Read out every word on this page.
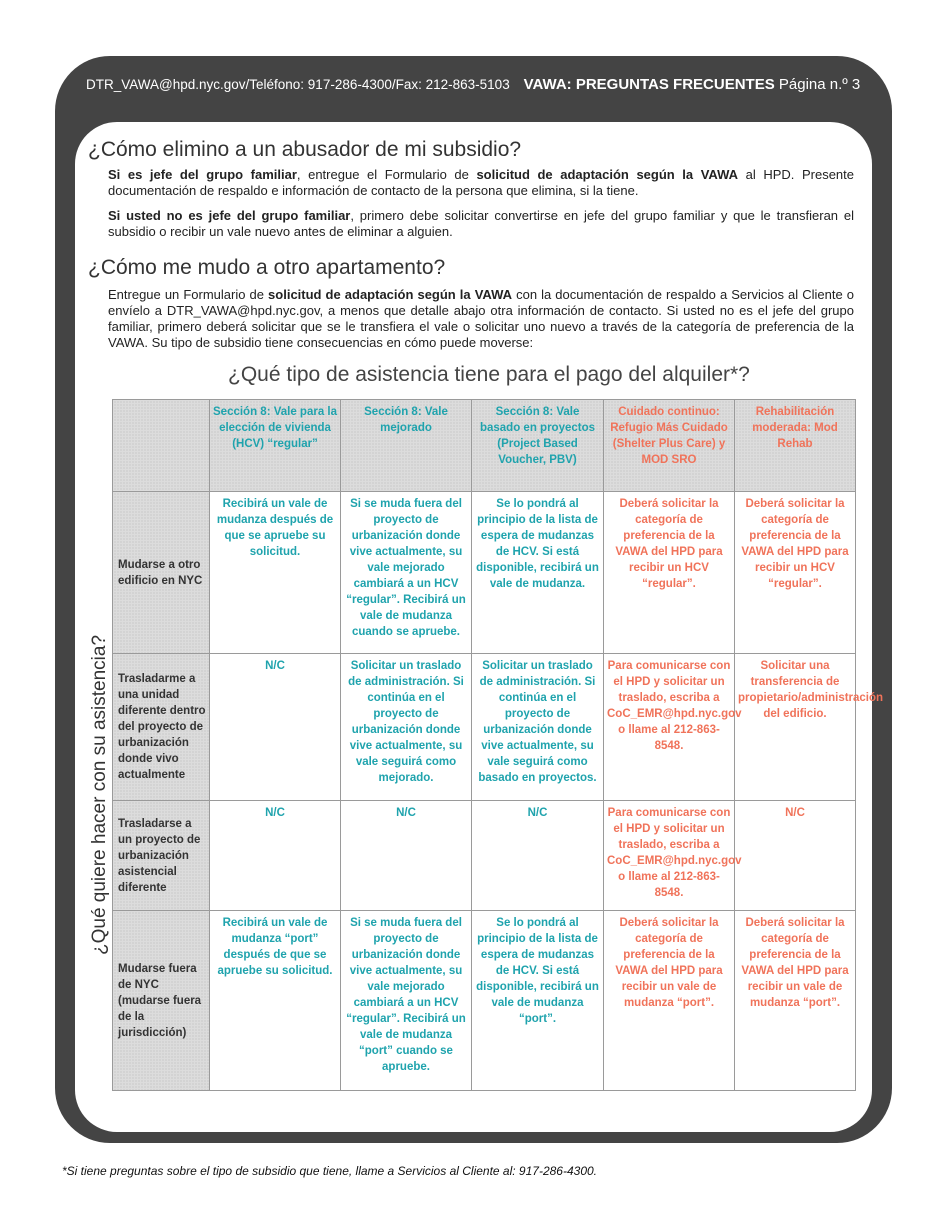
DTR_VAWA@hpd.nyc.gov/Teléfono: 917-286-4300/Fax: 212-863-5103 VAWA: PREGUNTAS FRECUENTES Página n.º 3
¿Cómo elimino a un abusador de mi subsidio?
Si es jefe del grupo familiar, entregue el Formulario de solicitud de adaptación según la VAWA al HPD. Presente documentación de respaldo e información de contacto de la persona que elimina, si la tiene.
Si usted no es jefe del grupo familiar, primero debe solicitar convertirse en jefe del grupo familiar y que le transfieran el subsidio o recibir un vale nuevo antes de eliminar a alguien.
¿Cómo me mudo a otro apartamento?
Entregue un Formulario de solicitud de adaptación según la VAWA con la documentación de respaldo a Servicios al Cliente o envíelo a DTR_VAWA@hpd.nyc.gov, a menos que detalle abajo otra información de contacto. Si usted no es el jefe del grupo familiar, primero deberá solicitar que se le transfiera el vale o solicitar uno nuevo a través de la categoría de preferencia de la VAWA. Su tipo de subsidio tiene consecuencias en cómo puede moverse:
¿Qué tipo de asistencia tiene para el pago del alquiler*?
¿Qué quiere hacer con su asistencia?
	Sección 8: Vale para la elección de vivienda (HCV) “regular”	Sección 8: Vale mejorado	Sección 8: Vale basado en proyectos (Project Based Voucher, PBV)	Cuidado continuo: Refugio Más Cuidado (Shelter Plus Care) y MOD SRO	Rehabilitación moderada: Mod Rehab
Mudarse a otro edificio en NYC	Recibirá un vale de mudanza después de que se apruebe su solicitud.	Si se muda fuera del proyecto de urbanización donde vive actualmente, su vale mejorado cambiará a un HCV “regular”. Recibirá un vale de mudanza cuando se apruebe.	Se lo pondrá al principio de la lista de espera de mudanzas de HCV. Si está disponible, recibirá un vale de mudanza.	Deberá solicitar la categoría de preferencia de la VAWA del HPD para recibir un HCV “regular”.	Deberá solicitar la categoría de preferencia de la VAWA del HPD para recibir un HCV “regular”.
Trasladarme a una unidad diferente dentro del proyecto de urbanización donde vivo actualmente	N/C	Solicitar un traslado de administración. Si continúa en el proyecto de urbanización donde vive actualmente, su vale seguirá como mejorado.	Solicitar un traslado de administración. Si continúa en el proyecto de urbanización donde vive actualmente, su vale seguirá como basado en proyectos.	Para comunicarse con el HPD y solicitar un traslado, escriba a CoC_EMR@hpd.nyc.gov o llame al 212-863-8548.	Solicitar una transferencia de propietario/administración del edificio.
Trasladarse a un proyecto de urbanización asistencial diferente	N/C	N/C	N/C	Para comunicarse con el HPD y solicitar un traslado, escriba a CoC_EMR@hpd.nyc.gov o llame al 212-863-8548.	N/C
Mudarse fuera de NYC (mudarse fuera de la jurisdicción)	Recibirá un vale de mudanza “port” después de que se apruebe su solicitud.	Si se muda fuera del proyecto de urbanización donde vive actualmente, su vale mejorado cambiará a un HCV “regular”. Recibirá un vale de mudanza “port” cuando se apruebe.	Se lo pondrá al principio de la lista de espera de mudanzas de HCV. Si está disponible, recibirá un vale de mudanza “port”.	Deberá solicitar la categoría de preferencia de la VAWA del HPD para recibir un vale de mudanza “port”.	Deberá solicitar la categoría de preferencia de la VAWA del HPD para recibir un vale de mudanza “port”.
*Si tiene preguntas sobre el tipo de subsidio que tiene, llame a Servicios al Cliente al: 917-286-4300.
